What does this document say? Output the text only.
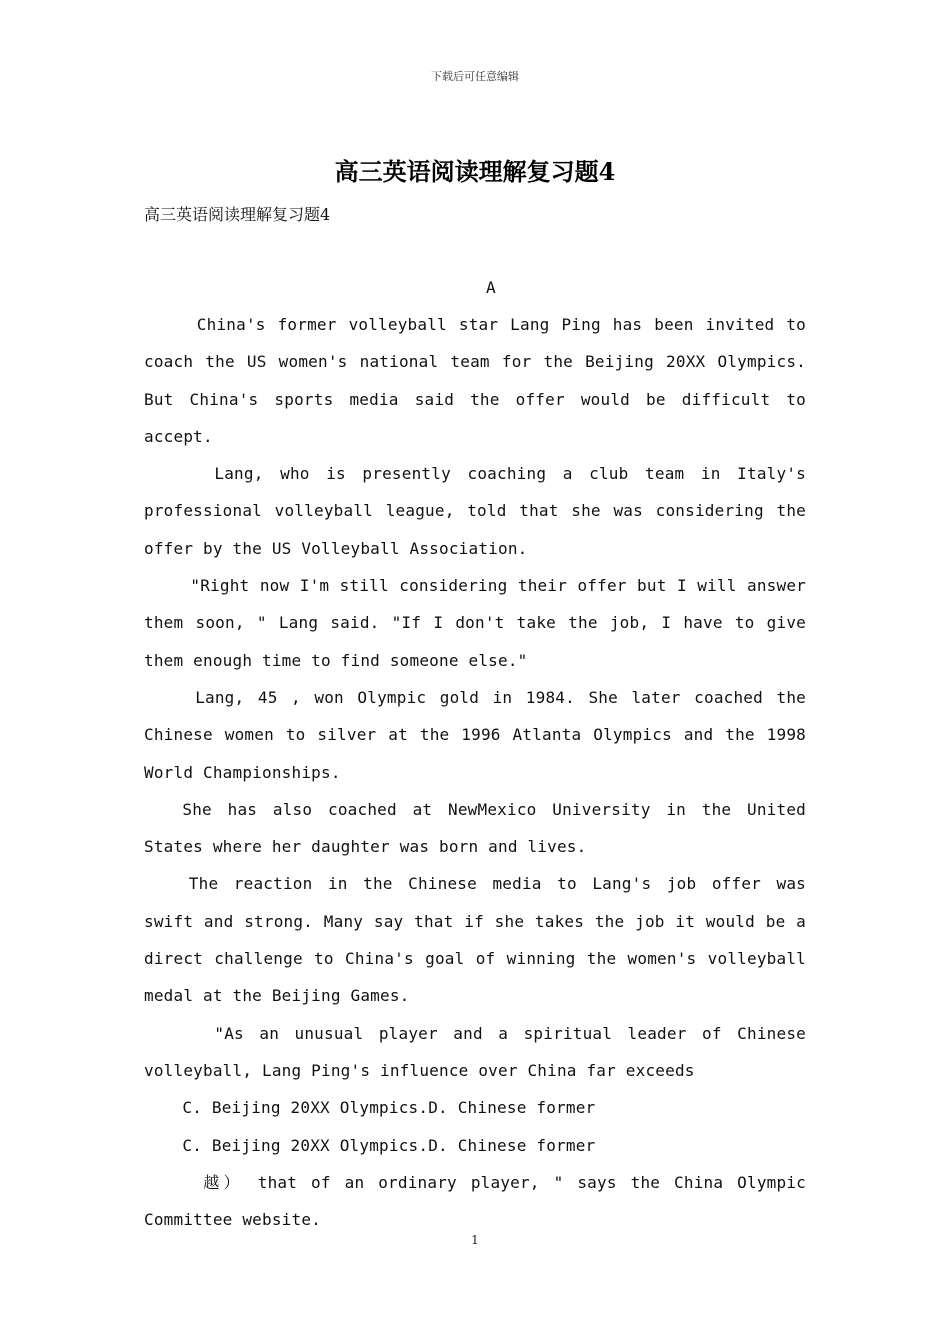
下载后可任意编辑
高三英语阅读理解复习题4
高三英语阅读理解复习题4
A

China's former volleyball star Lang Ping has been invited to coach the US women's national team for the Beijing 20XX Olympics. But China's sports media said the offer would be difficult to accept.

Lang, who is presently coaching a club team in Italy's professional volleyball league, told that she was considering the offer by the US Volleyball Association.

"Right now I'm still considering their offer but I will answer them soon, " Lang said. "If I don't take the job, I have to give them enough time to find someone else."

Lang, 45 , won Olympic gold in 1984. She later coached the Chinese women to silver at the 1996 Atlanta Olympics and the 1998 World Championships.

She has also coached at NewMexico University in the United States where her daughter was born and lives.

The reaction in the Chinese media to Lang's job offer was swift and strong. Many say that if she takes the job it would be a direct challenge to China's goal of winning the women's volleyball medal at the Beijing Games.

"As an unusual player and a spiritual leader of Chinese volleyball, Lang Ping's influence over China far exceeds

C. Beijing 20XX Olympics.D. Chinese former

C. Beijing 20XX Olympics.D. Chinese former

越） that of an ordinary player, " says the China Olympic Committee website.

1
